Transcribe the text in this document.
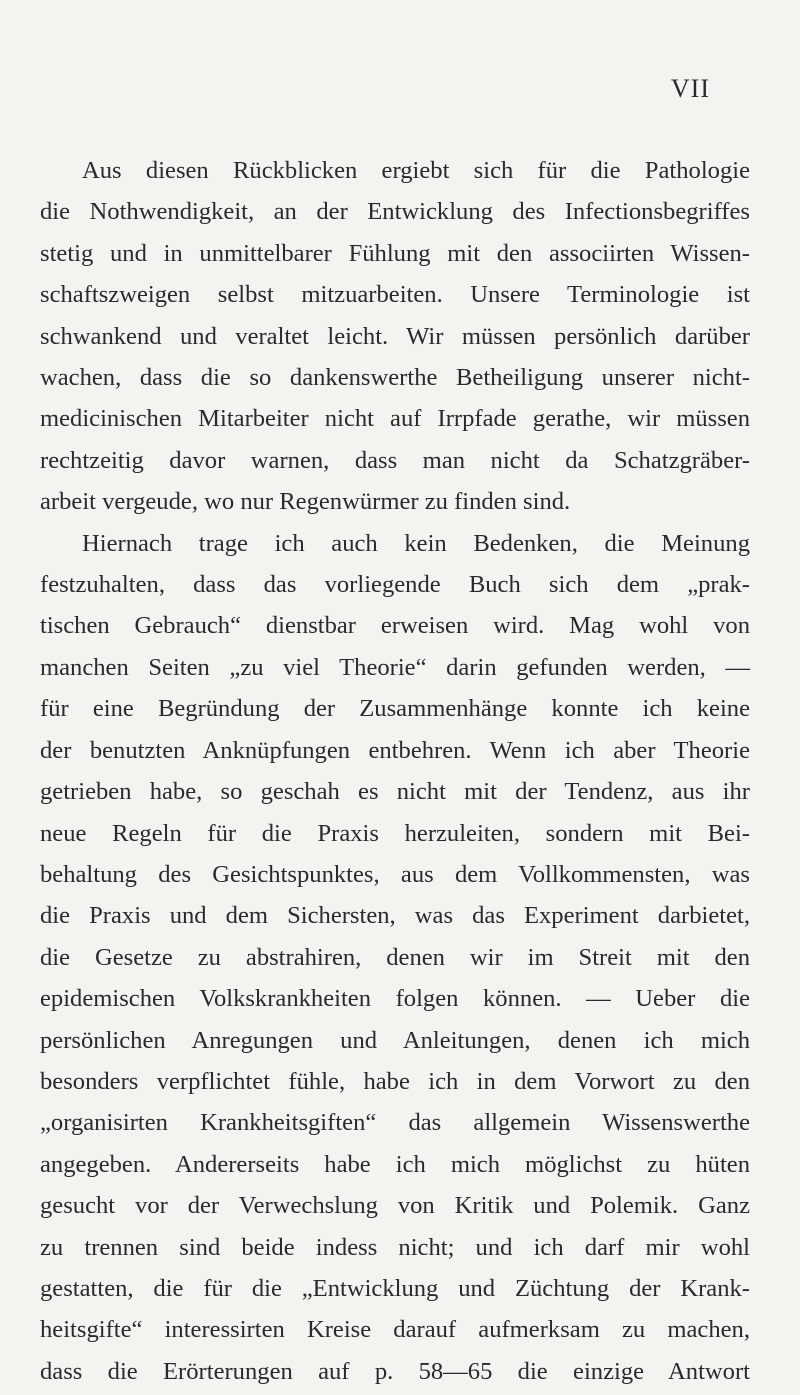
VII
Aus diesen Rückblicken ergiebt sich für die Pathologie
die Nothwendigkeit, an der Entwicklung des Infectionsbegriffes
stetig und in unmittelbarer Fühlung mit den associirten Wissen-
schaftszweigen selbst mitzuarbeiten. Unsere Terminologie ist
schwankend und veraltet leicht. Wir müssen persönlich darüber
wachen, dass die so dankenswerthe Betheiligung unserer nicht-
medicinischen Mitarbeiter nicht auf Irrpfade gerathe, wir müssen
rechtzeitig davor warnen, dass man nicht da Schatzgräber-
arbeit vergeude, wo nur Regenwürmer zu finden sind.
Hiernach trage ich auch kein Bedenken, die Meinung
festzuhalten, dass das vorliegende Buch sich dem „prak-
tischen Gebrauch“ dienstbar erweisen wird. Mag wohl von
manchen Seiten „zu viel Theorie“ darin gefunden werden, —
für eine Begründung der Zusammenhänge konnte ich keine
der benutzten Anknüpfungen entbehren. Wenn ich aber Theorie
getrieben habe, so geschah es nicht mit der Tendenz, aus ihr
neue Regeln für die Praxis herzuleiten, sondern mit Bei-
behaltung des Gesichtspunktes, aus dem Vollkommensten, was
die Praxis und dem Sichersten, was das Experiment darbietet,
die Gesetze zu abstrahiren, denen wir im Streit mit den
epidemischen Volkskrankheiten folgen können. — Ueber die
persönlichen Anregungen und Anleitungen, denen ich mich
besonders verpflichtet fühle, habe ich in dem Vorwort zu den
„organisirten Krankheitsgiften“ das allgemein Wissenswerthe
angegeben. Andererseits habe ich mich möglichst zu hüten
gesucht vor der Verwechslung von Kritik und Polemik. Ganz
zu trennen sind beide indess nicht; und ich darf mir wohl
gestatten, die für die „Entwicklung und Züchtung der Krank-
heitsgifte“ interessirten Kreise darauf aufmerksam zu machen,
dass die Erörterungen auf p. 58—65 die einzige Antwort
